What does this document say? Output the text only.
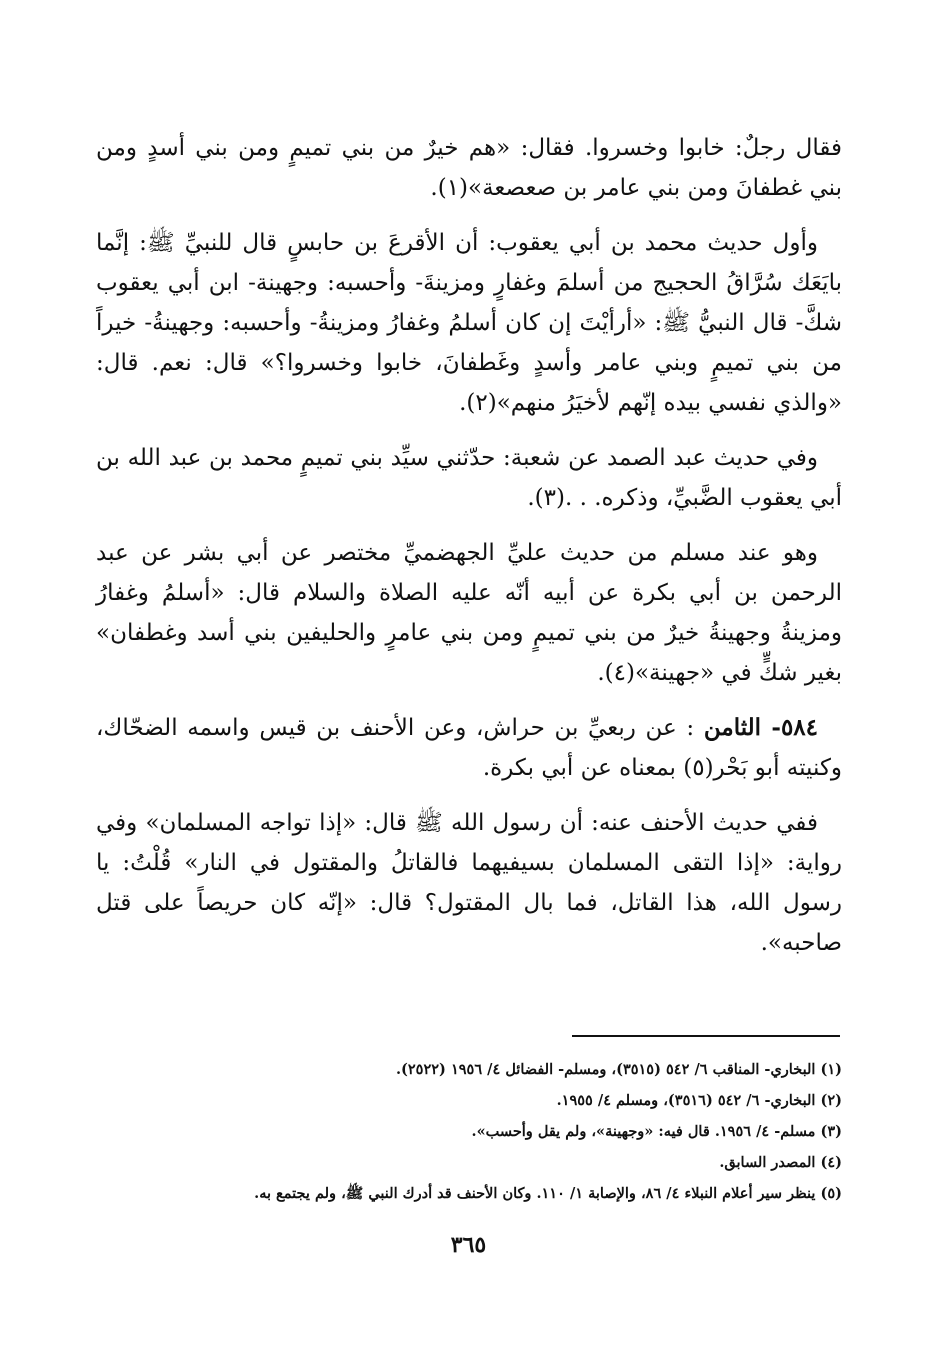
فقال رجلٌ: خابوا وخسروا. فقال: «هم خيرٌ من بني تميمٍ ومن بني أسدٍ ومن بني غطفانَ ومن بني عامر بن صعصعة»(١).

وأول حديث محمد بن أبي يعقوب: أن الأقرعَ بن حابسٍ قال للنبيِّ ﷺ: إنَّما بايَعَك سُرَّاقُ الحجيج من أسلمَ وغفارٍ ومزينةَ- وأحسبه: وجهينة- ابن أبي يعقوب شكَّ- قال النبيُّ ﷺ: «أرأيْتَ إن كان أسلمُ وغفارُ ومزينةُ- وأحسبه: وجهينةُ- خيراً من بني تميمٍ وبني عامر وأسدٍ وغَطفانَ، خابوا وخسروا؟» قال: نعم. قال: «والذي نفسي بيده إنّهم لأخيَرُ منهم»(٢).

وفي حديث عبد الصمد عن شعبة: حدّثني سيِّد بني تميمٍ محمد بن عبد الله بن أبي يعقوب الضَّبيِّ، وذكره. . .(٣).

وهو عند مسلم من حديث عليِّ الجهضميِّ مختصر عن أبي بشر عن عبد الرحمن بن أبي بكرة عن أبيه أنّه عليه الصلاة والسلام قال: «أسلمُ وغفارُ ومزينةُ وجهينةُ خيرٌ من بني تميمٍ ومن بني عامرٍ والحليفين بني أسد وغطفان» بغير شكٍّ في «جهينة»(٤).

٥٨٤- الثامن : عن ربعيِّ بن حراش، وعن الأحنف بن قيس واسمه الضحّاك، وكنيته أبو بَحْر(٥) بمعناه عن أبي بكرة.

ففي حديث الأحنف عنه: أن رسول الله ﷺ قال: «إذا تواجه المسلمان» وفي رواية: «إذا التقى المسلمان بسيفيهما فالقاتلُ والمقتول في النار» قُلْتُ: يا رسول الله، هذا القاتل، فما بال المقتول؟ قال: «إنّه كان حريصاً على قتل صاحبه».

(١) البخاري- المناقب ٦/ ٥٤٢ (٣٥١٥)، ومسلم- الفضائل ٤/ ١٩٥٦ (٢٥٢٢).

(٢) البخاري- ٦/ ٥٤٢ (٣٥١٦)، ومسلم ٤/ ١٩٥٥.

(٣) مسلم- ٤/ ١٩٥٦. قال فيه: «وجهينة»، ولم يقل وأحسب».

(٤) المصدر السابق.

(٥) ينظر سير أعلام النبلاء ٤/ ٨٦، والإصابة ١/ ١١٠. وكان الأحنف قد أدرك النبي ﷺ، ولم يجتمع به.

٣٦٥
